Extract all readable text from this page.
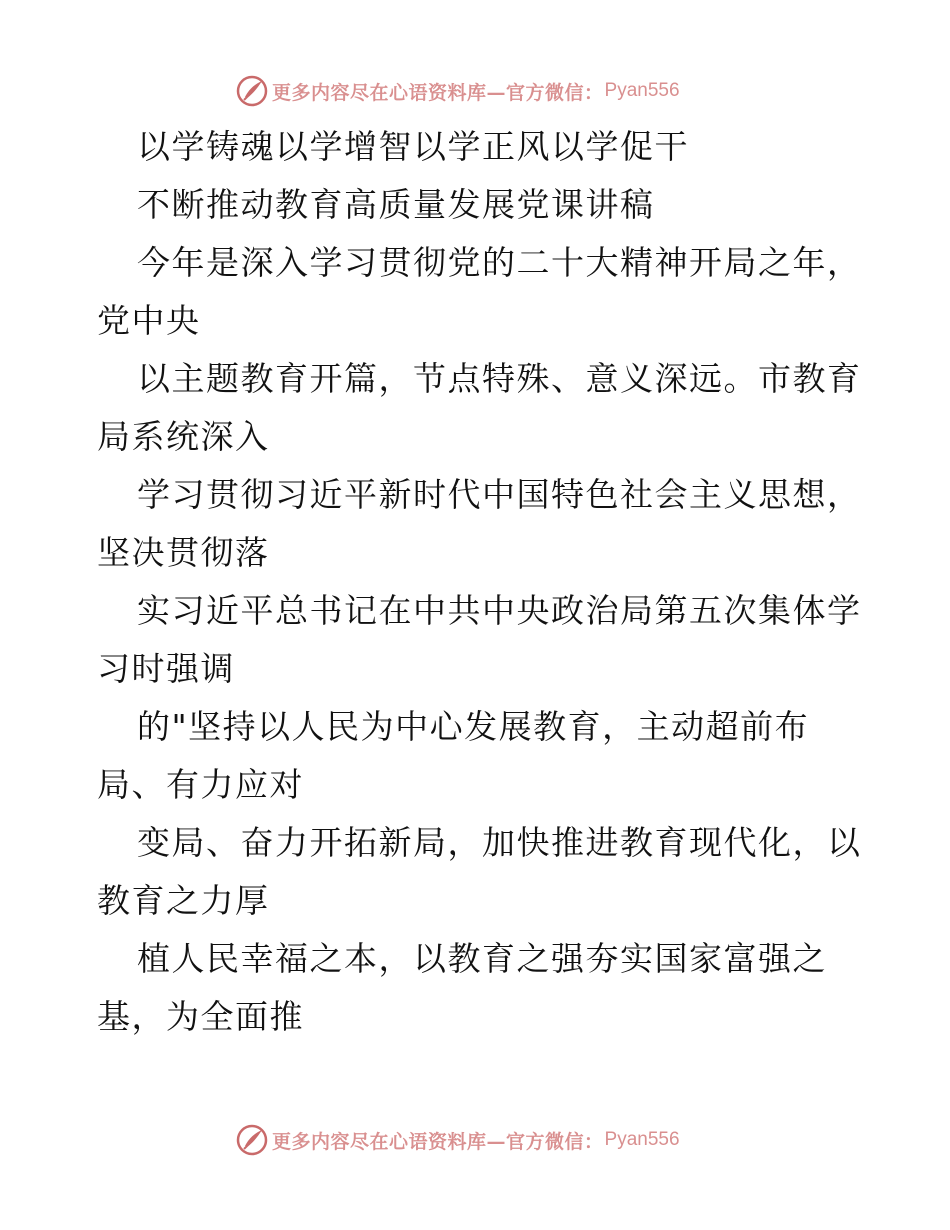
更多内容尽在心语资料库—官方微信： Pyan556
以学铸魂以学增智以学正风以学促干
不断推动教育高质量发展党课讲稿
今年是深入学习贯彻党的二十大精神开局之年，
党中央
以主题教育开篇，节点特殊、意义深远。市教育
局系统深入
学习贯彻习近平新时代中国特色社会主义思想，
坚决贯彻落
实习近平总书记在中共中央政治局第五次集体学
习时强调
的"坚持以人民为中心发展教育，主动超前布
局、有力应对
变局、奋力开拓新局，加快推进教育现代化，以
教育之力厚
植人民幸福之本，以教育之强夯实国家富强之
基，为全面推
更多内容尽在心语资料库—官方微信： Pyan556
